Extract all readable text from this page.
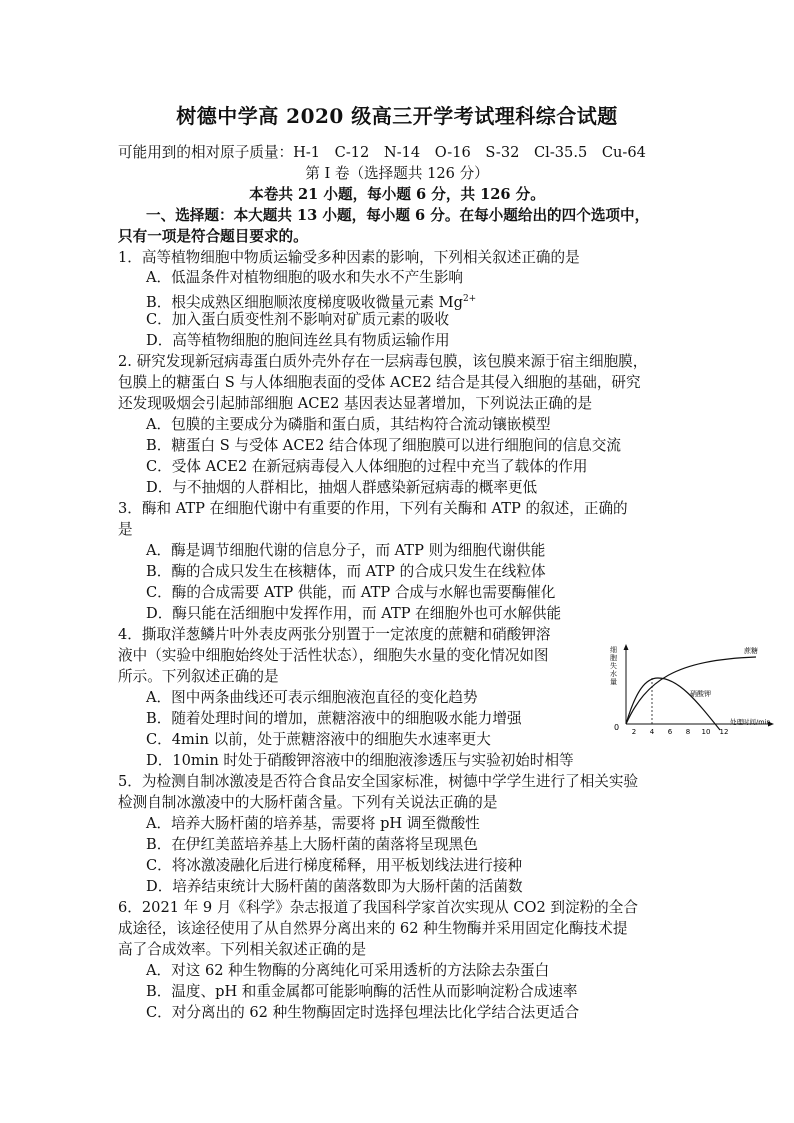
树德中学高 2020 级高三开学考试理科综合试题
可能用到的相对原子质量：H-1　C-12　N-14　O-16　S-32　Cl-35.5　Cu-64
第 I 卷（选择题共 126 分）
本卷共 21 小题，每小题 6 分，共 126 分。
一、选择题：本大题共 13 小题，每小题 6 分。在每小题给出的四个选项中，
只有一项是符合题目要求的。
1．高等植物细胞中物质运输受多种因素的影响，下列相关叙述正确的是
A．低温条件对植物细胞的吸水和失水不产生影响
B．根尖成熟区细胞顺浓度梯度吸收微量元素 $Mg^{2+}$
C．加入蛋白质变性剂不影响对矿质元素的吸收
D．高等植物细胞的胞间连丝具有物质运输作用
2. 研究发现新冠病毒蛋白质外壳外存在一层病毒包膜，该包膜来源于宿主细胞膜，
包膜上的糖蛋白 S 与人体细胞表面的受体 ACE2 结合是其侵入细胞的基础，研究
还发现吸烟会引起肺部细胞 ACE2 基因表达显著增加，下列说法正确的是
A．包膜的主要成分为磷脂和蛋白质，其结构符合流动镶嵌模型
B．糖蛋白 S 与受体 ACE2 结合体现了细胞膜可以进行细胞间的信息交流
C．受体 ACE2 在新冠病毒侵入人体细胞的过程中充当了载体的作用
D．与不抽烟的人群相比，抽烟人群感染新冠病毒的概率更低
3．酶和 ATP 在细胞代谢中有重要的作用，下列有关酶和 ATP 的叙述，正确的
是
A．酶是调节细胞代谢的信息分子，而 ATP 则为细胞代谢供能
B．酶的合成只发生在核糖体，而 ATP 的合成只发生在线粒体
C．酶的合成需要 ATP 供能，而 ATP 合成与水解也需要酶催化
D．酶只能在活细胞中发挥作用，而 ATP 在细胞外也可水解供能
4．撕取洋葱鳞片叶外表皮两张分别置于一定浓度的蔗糖和硝酸钾溶
液中（实验中细胞始终处于活性状态），细胞失水量的变化情况如图
所示。下列叙述正确的是
A．图中两条曲线还可表示细胞液泡直径的变化趋势
B．随着处理时间的增加，蔗糖溶液中的细胞吸水能力增强
C．4min 以前，处于蔗糖溶液中的细胞失水速率更大
D．10min 时处于硝酸钾溶液中的细胞液渗透压与实验初始时相等
细 胞 失 水 量
0 2 4 6 8 10 12
处理时间/min
蔗糖
硝酸钾
5．为检测自制冰激凌是否符合食品安全国家标准，树德中学学生进行了相关实验
检测自制冰激凌中的大肠杆菌含量。下列有关说法正确的是
A．培养大肠杆菌的培养基，需要将 pH 调至微酸性
B．在伊红美蓝培养基上大肠杆菌的菌落将呈现黑色
C．将冰激凌融化后进行梯度稀释，用平板划线法进行接种
D．培养结束统计大肠杆菌的菌落数即为大肠杆菌的活菌数
6．2021 年 9 月《科学》杂志报道了我国科学家首次实现从 CO2 到淀粉的全合
成途径，该途径使用了从自然界分离出来的 62 种生物酶并采用固定化酶技术提
高了合成效率。下列相关叙述正确的是
A．对这 62 种生物酶的分离纯化可采用透析的方法除去杂蛋白
B．温度、pH 和重金属都可能影响酶的活性从而影响淀粉合成速率
C．对分离出的 62 种生物酶固定时选择包埋法比化学结合法更适合
